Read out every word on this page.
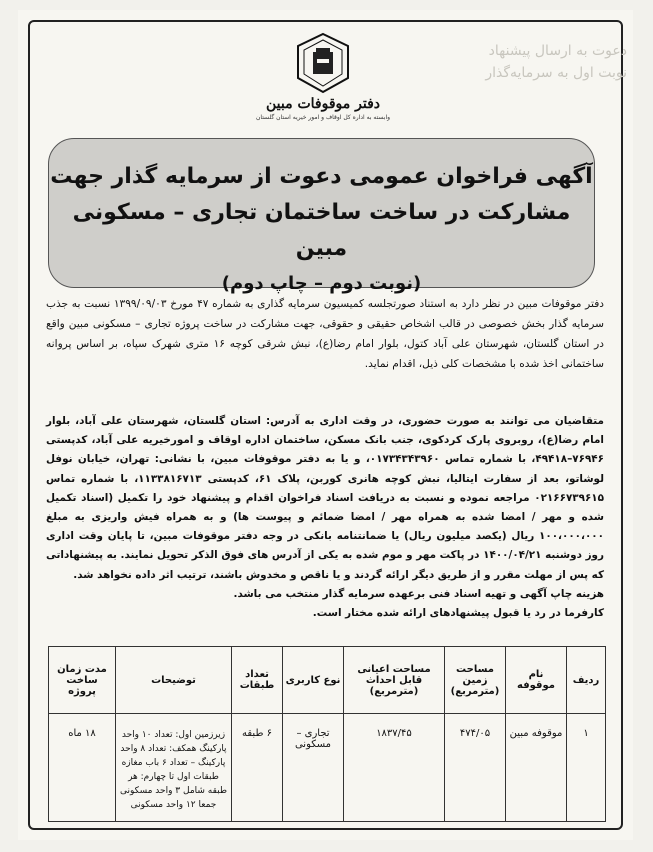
دعوت به ارسال پیشنهاد
نوبت اول به سرمایه‌گذار
دفتر موقوفات مبین
وابسته به اداره کل اوقاف و امور خیریه استان گلستان
آگهی فراخوان عمومی دعوت از سرمایه گذار جهت
مشارکت در ساخت ساختمان تجاری – مسکونی مبین
(نوبت دوم – چاپ دوم)
دفتر موقوفات مبین در نظر دارد به استناد صورتجلسه کمیسیون سرمایه گذاری به شماره ۴۷ مورخ ۱۳۹۹/۰۹/۰۳ نسبت به جذب سرمایه گذار بخش خصوصی در قالب اشخاص حقیقی و حقوقی، جهت مشارکت در ساخت پروژه تجاری – مسکونی مبین واقع در استان گلستان، شهرستان علی آباد کتول، بلوار امام رضا(ع)، نبش شرقی کوچه ۱۶ متری شهرک سپاه، بر اساس پروانه ساختمانی اخذ شده با مشخصات کلی ذیل، اقدام نماید.

متقاضیان می توانند به صورت حضوری، در وقت اداری به آدرس: استان گلستان، شهرستان علی آباد، بلوار امام رضا(ع)، روبروی پارک کردکوی، جنب بانک مسکن، ساختمان اداره اوقاف و امورخیریه علی آباد، کدپستی ۷۶۹۴۶–۴۹۴۱۸، با شماره تماس ۰۱۷۳۴۳۴۳۹۶۰، و یا به دفتر موقوفات مبین، با نشانی: تهران، خیابان نوفل لوشاتو، بعد از سفارت ایتالیا، نبش کوچه هانری کوربن، پلاک ۶۱، کدپستی ۱۱۳۳۸۱۶۷۱۳، با شماره تماس ۰۲۱۶۶۷۳۹۶۱۵ مراجعه نموده و نسبت به دریافت اسناد فراخوان اقدام و پیشنهاد خود را تکمیل (اسناد تکمیل شده و مهر / امضا شده به همراه مهر / امضا ضمائم و پیوست ها) و به همراه فیش واریزی به مبلغ ۱۰۰،۰۰۰،۰۰۰ ریال (یکصد میلیون ریال) یا ضمانتنامه بانکی در وجه دفتر موقوفات مبین، تا پایان وقت اداری روز دوشنبه ۱۴۰۰/۰۴/۲۱ در پاکت مهر و موم شده به یکی از آدرس های فوق الذکر تحویل نمایند. به پیشنهاداتی که پس از مهلت مقرر و از طریق دیگر ارائه گردند و یا ناقص و مخدوش باشند، ترتیب اثر داده نخواهد شد.

هزینه چاپ آگهی و تهیه اسناد فنی برعهده سرمایه گذار منتخب می باشد.

کارفرما در رد یا قبول پیشنهادهای ارائه شده مختار است.

ردیف	نام موقوفه	مساحت زمین (مترمربع)	مساحت اعیانی قابل احداث (مترمربع)	نوع کاربری	تعداد طبقات	توضیحات	مدت زمان ساخت پروژه
۱	موقوفه مبین	۴۷۴/۰۵	۱۸۳۷/۴۵	تجاری – مسکونی	۶ طبقه	زیرزمین اول: تعداد ۱۰ واحد پارکینگ همکف: تعداد ۸ واحد پارکینگ – تعداد ۶ باب مغازه طبقات اول تا چهارم: هر طبقه شامل ۳ واحد مسکونی جمعا ۱۲ واحد مسکونی	۱۸ ماه
